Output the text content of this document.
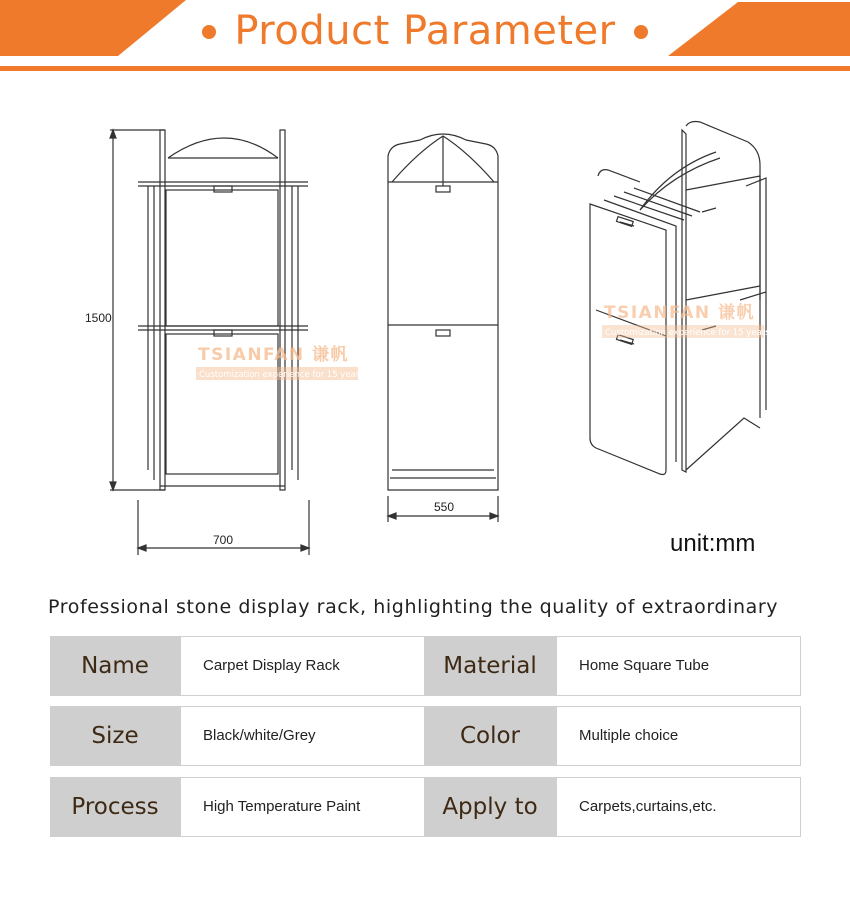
Product Parameter
1500
700
550
TSIANFAN 谦帆
Customization experience for 15 years
TSIANFAN 谦帆
Customization experience for 15 years
unit:mm
Professional stone display rack, highlighting the quality of extraordinary
Name	Carpet Display Rack	Material	Home Square Tube
Size	Black/white/Grey	Color	Multiple choice
Process	High Temperature Paint	Apply to	Carpets,curtains,etc.
